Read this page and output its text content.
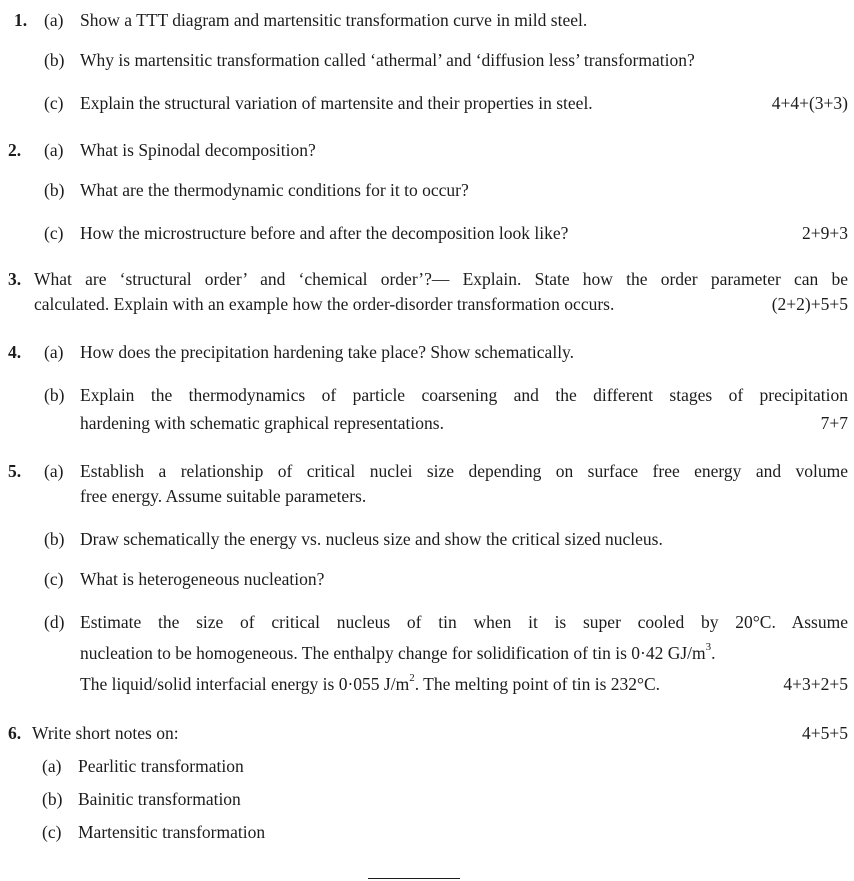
1. (a) Show a TTT diagram and martensitic transformation curve in mild steel.
(b) Why is martensitic transformation called ‘athermal’ and ‘diffusion less’ transformation?
(c) Explain the structural variation of martensite and their properties in steel.	4+4+(3+3)
2. (a) What is Spinodal decomposition?
(b) What are the thermodynamic conditions for it to occur?
(c) How the microstructure before and after the decomposition look like?	2+9+3
3. What are ‘structural order’ and ‘chemical order’?— Explain. State how the order parameter can be
calculated. Explain with an example how the order-disorder transformation occurs.	(2+2)+5+5
4. (a) How does the precipitation hardening take place? Show schematically.
(b) Explain the thermodynamics of particle coarsening and the different stages of precipitation
hardening with schematic graphical representations.	7+7
5. (a) Establish a relationship of critical nuclei size depending on surface free energy and volume
free energy. Assume suitable parameters.
(b) Draw schematically the energy vs. nucleus size and show the critical sized nucleus.
(c) What is heterogeneous nucleation?
(d) Estimate the size of critical nucleus of tin when it is super cooled by 20°C. Assume
nucleation to be homogeneous. The enthalpy change for solidification of tin is 0·42 $GJ/m^3$.
The liquid/solid interfacial energy is 0·055 $J/m^2$. The melting point of tin is 232°C.	4+3+2+5
6. Write short notes on:	4+5+5
(a) Pearlitic transformation
(b) Bainitic transformation
(c) Martensitic transformation
